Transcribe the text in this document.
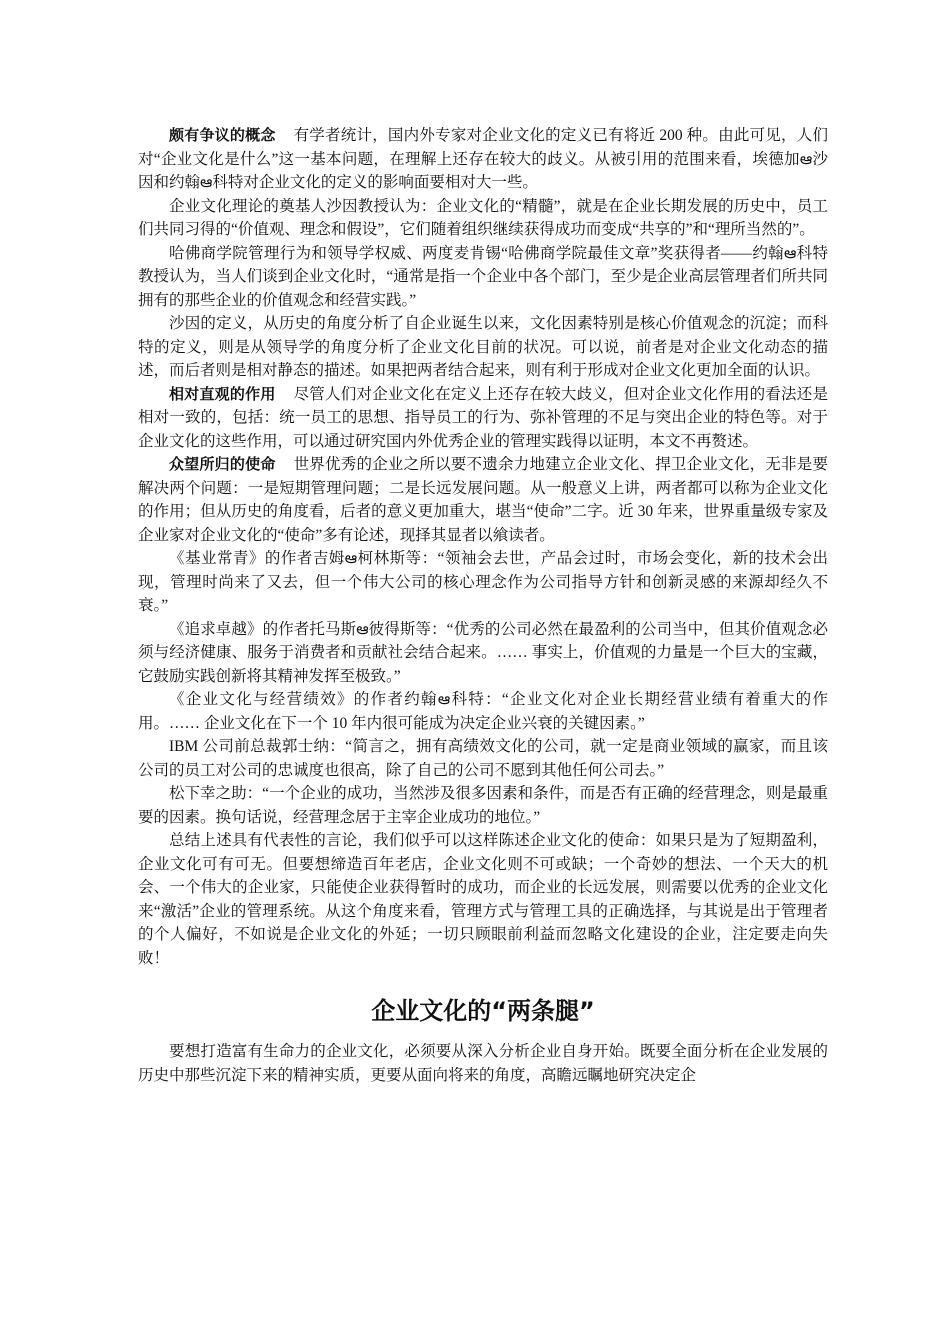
颇有争议的概念 有学者统计，国内外专家对企业文化的定义已有将近 200 种。由此可见，人们对“企业文化是什么”这一基本问题，在理解上还存在较大的歧义。从被引用的范围来看，埃德加ఆ沙因和约翰ఆ科特对企业文化的定义的影响面要相对大一些。

企业文化理论的奠基人沙因教授认为：企业文化的“精髓”，就是在企业长期发展的历史中，员工们共同习得的“价值观、理念和假设”，它们随着组织继续获得成功而变成“共享的”和“理所当然的”。

哈佛商学院管理行为和领导学权威、两度麦肯锡“哈佛商学院最佳文章”奖获得者——约翰ఆ科特教授认为，当人们谈到企业文化时，“通常是指一个企业中各个部门，至少是企业高层管理者们所共同拥有的那些企业的价值观念和经营实践。”

沙因的定义，从历史的角度分析了自企业诞生以来，文化因素特别是核心价值观念的沉淀；而科特的定义，则是从领导学的角度分析了企业文化目前的状况。可以说，前者是对企业文化动态的描述，而后者则是相对静态的描述。如果把两者结合起来，则有利于形成对企业文化更加全面的认识。

相对直观的作用 尽管人们对企业文化在定义上还存在较大歧义，但对企业文化作用的看法还是相对一致的，包括：统一员工的思想、指导员工的行为、弥补管理的不足与突出企业的特色等。对于企业文化的这些作用，可以通过研究国内外优秀企业的管理实践得以证明，本文不再赘述。

众望所归的使命 世界优秀的企业之所以要不遗余力地建立企业文化、捍卫企业文化，无非是要解决两个问题：一是短期管理问题；二是长远发展问题。从一般意义上讲，两者都可以称为企业文化的作用；但从历史的角度看，后者的意义更加重大，堪当“使命”二字。近 30 年来，世界重量级专家及企业家对企业文化的“使命”多有论述，现择其显者以飨读者。

《基业常青》的作者吉姆ఆ柯林斯等：“领袖会去世，产品会过时，市场会变化，新的技术会出现，管理时尚来了又去，但一个伟大公司的核心理念作为公司指导方针和创新灵感的来源却经久不衰。”

《追求卓越》的作者托马斯ఆ彼得斯等：“优秀的公司必然在最盈利的公司当中，但其价值观念必须与经济健康、服务于消费者和贡献社会结合起来。…… 事实上，价值观的力量是一个巨大的宝藏，它鼓励实践创新将其精神发挥至极致。”

《企业文化与经营绩效》的作者约翰ఆ科特：“企业文化对企业长期经营业绩有着重大的作用。…… 企业文化在下一个 10 年内很可能成为决定企业兴衰的关键因素。”

IBM 公司前总裁郭士纳：“简言之，拥有高绩效文化的公司，就一定是商业领域的赢家，而且该公司的员工对公司的忠诚度也很高，除了自己的公司不愿到其他任何公司去。”

松下幸之助：“一个企业的成功，当然涉及很多因素和条件，而是否有正确的经营理念，则是最重要的因素。换句话说，经营理念居于主宰企业成功的地位。”

总结上述具有代表性的言论，我们似乎可以这样陈述企业文化的使命：如果只是为了短期盈利，企业文化可有可无。但要想缔造百年老店，企业文化则不可或缺；一个奇妙的想法、一个天大的机会、一个伟大的企业家，只能使企业获得暂时的成功，而企业的长远发展，则需要以优秀的企业文化来“激活”企业的管理系统。从这个角度来看，管理方式与管理工具的正确选择，与其说是出于管理者的个人偏好，不如说是企业文化的外延；一切只顾眼前利益而忽略文化建设的企业，注定要走向失败！

企业文化的“两条腿”

要想打造富有生命力的企业文化，必须要从深入分析企业自身开始。既要全面分析在企业发展的历史中那些沉淀下来的精神实质，更要从面向将来的角度，高瞻远瞩地研究决定企
